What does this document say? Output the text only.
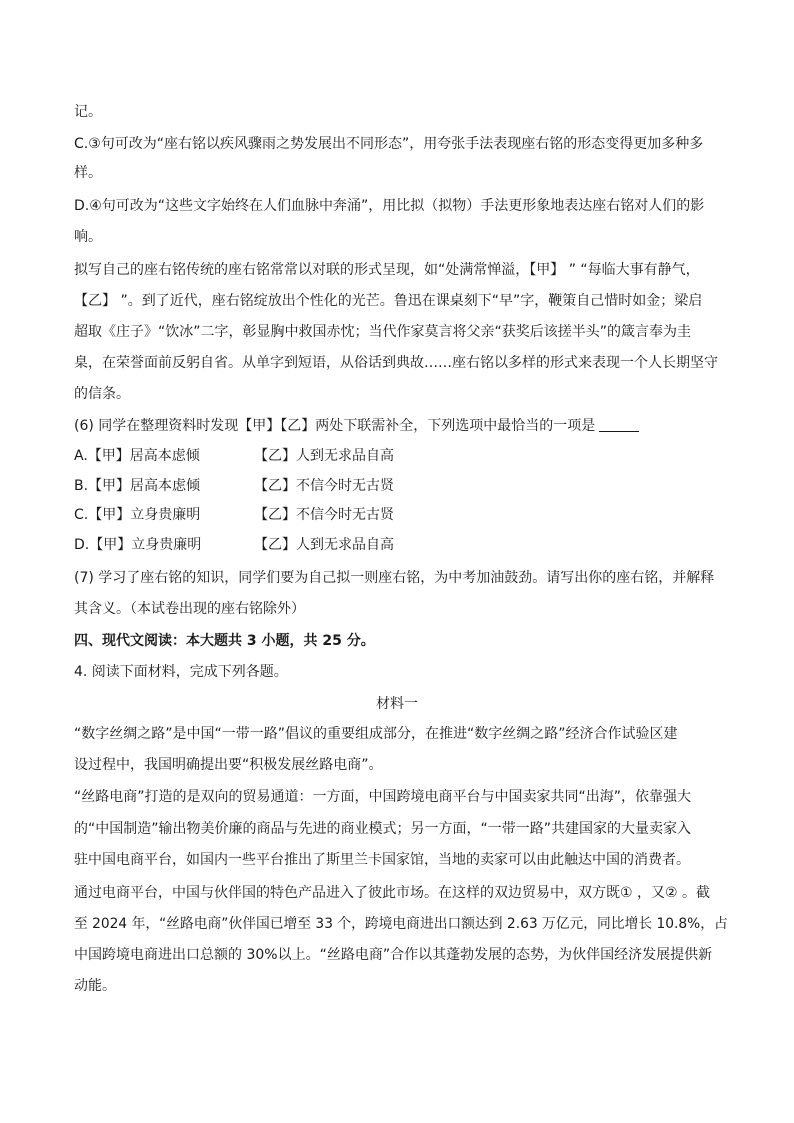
记。
C.③句可改为“座右铭以疾风骤雨之势发展出不同形态”，用夸张手法表现座右铭的形态变得更加多种多
样。
D.④句可改为“这些文字始终在人们血脉中奔涌”，用比拟（拟物）手法更形象地表达座右铭对人们的影
响。
拟写自己的座右铭传统的座右铭常常以对联的形式呈现，如“处满常惮溢，【甲】 ” “每临大事有静气，
【乙】 ”。到了近代，座右铭绽放出个性化的光芒。鲁迅在课桌刻下“早”字，鞭策自己惜时如金；梁启
超取《庄子》“饮冰”二字，彰显胸中救国赤忱；当代作家莫言将父亲“获奖后该搓半头”的箴言奉为圭
臬，在荣誉面前反躬自省。从单字到短语，从俗话到典故……座右铭以多样的形式来表现一个人长期坚守
的信条。
(6) 同学在整理资料时发现【甲】【乙】两处下联需补全，下列选项中最恰当的一项是
A.【甲】居高本虑倾	【乙】人到无求品自高
B.【甲】居高本虑倾	【乙】不信今时无古贤
C.【甲】立身贵廉明	【乙】不信今时无古贤
D.【甲】立身贵廉明	【乙】人到无求品自高
(7) 学习了座右铭的知识，同学们要为自己拟一则座右铭，为中考加油鼓劲。请写出你的座右铭，并解释
其含义。（本试卷出现的座右铭除外）
四、现代文阅读：本大题共 3 小题，共 25 分。
4. 阅读下面材料，完成下列各题。
材料一
“数字丝绸之路”是中国“一带一路”倡议的重要组成部分，在推进“数字丝绸之路”经济合作试验区建
设过程中，我国明确提出要“积极发展丝路电商”。
“丝路电商”打造的是双向的贸易通道：一方面，中国跨境电商平台与中国卖家共同“出海”，依靠强大
的“中国制造”输出物美价廉的商品与先进的商业模式；另一方面，“一带一路”共建国家的大量卖家入
驻中国电商平台，如国内一些平台推出了斯里兰卡国家馆，当地的卖家可以由此触达中国的消费者。
通过电商平台，中国与伙伴国的特色产品进入了彼此市场。在这样的双边贸易中，双方既① ，又② 。截
至 2024 年，“丝路电商”伙伴国已增至 33 个，跨境电商进出口额达到 2.63 万亿元，同比增长 10.8%，占
中国跨境电商进出口总额的 30%以上。“丝路电商”合作以其蓬勃发展的态势，为伙伴国经济发展提供新
动能。
